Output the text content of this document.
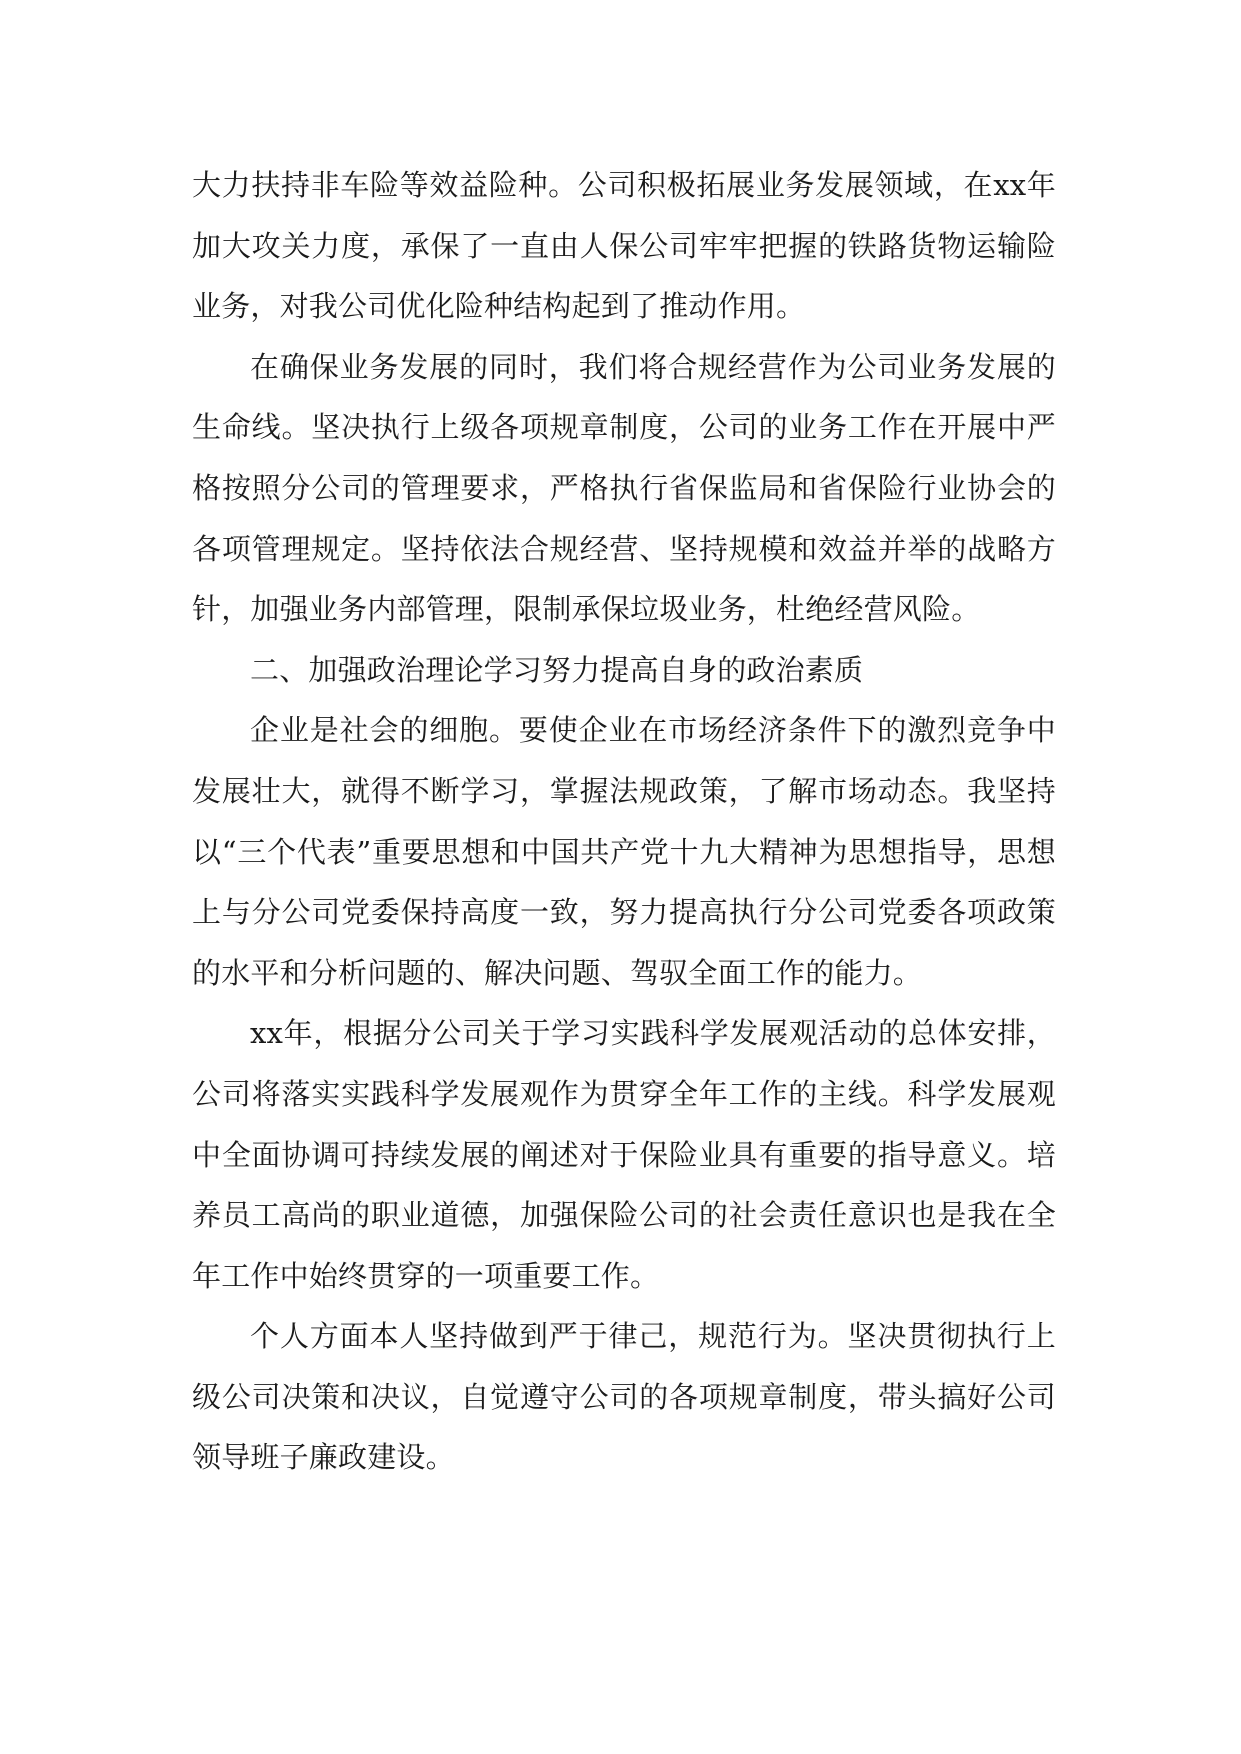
大力扶持非车险等效益险种。公司积极拓展业务发展领域，在xx年加大攻关力度，承保了一直由人保公司牢牢把握的铁路货物运输险业务，对我公司优化险种结构起到了推动作用。

在确保业务发展的同时，我们将合规经营作为公司业务发展的生命线。坚决执行上级各项规章制度，公司的业务工作在开展中严格按照分公司的管理要求，严格执行省保监局和省保险行业协会的各项管理规定。坚持依法合规经营、坚持规模和效益并举的战略方针，加强业务内部管理，限制承保垃圾业务，杜绝经营风险。

二、加强政治理论学习努力提高自身的政治素质

企业是社会的细胞。要使企业在市场经济条件下的激烈竞争中发展壮大，就得不断学习，掌握法规政策，了解市场动态。我坚持以“三个代表”重要思想和中国共产党十九大精神为思想指导，思想上与分公司党委保持高度一致，努力提高执行分公司党委各项政策的水平和分析问题的、解决问题、驾驭全面工作的能力。

xx年，根据分公司关于学习实践科学发展观活动的总体安排，公司将落实实践科学发展观作为贯穿全年工作的主线。科学发展观中全面协调可持续发展的阐述对于保险业具有重要的指导意义。培养员工高尚的职业道德，加强保险公司的社会责任意识也是我在全年工作中始终贯穿的一项重要工作。

个人方面本人坚持做到严于律己，规范行为。坚决贯彻执行上级公司决策和决议，自觉遵守公司的各项规章制度，带头搞好公司领导班子廉政建设。
